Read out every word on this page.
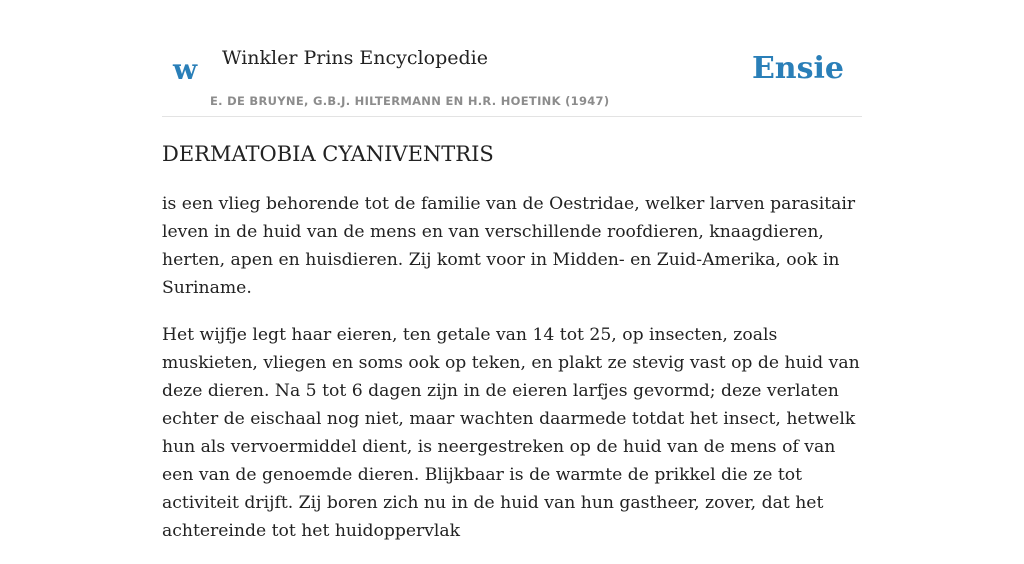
w Winkler Prins Encyclopedie
E. DE BRUYNE, G.B.J. HILTERMANN EN H.R. HOETINK (1947)
Ensie
DERMATOBIA CYANIVENTRIS

is een vlieg behorende tot de familie van de Oestridae, welker larven parasitair leven in de huid van de mens en van verschillende roofdieren, knaagdieren, herten, apen en huisdieren. Zij komt voor in Midden- en Zuid-Amerika, ook in Suriname.

Het wijfje legt haar eieren, ten getale van 14 tot 25, op insecten, zoals muskieten, vliegen en soms ook op teken, en plakt ze stevig vast op de huid van deze dieren. Na 5 tot 6 dagen zijn in de eieren larfjes gevormd; deze verlaten echter de eischaal nog niet, maar wachten daarmede totdat het insect, hetwelk hun als vervoermiddel dient, is neergestreken op de huid van de mens of van een van de genoemde dieren. Blijkbaar is de warmte de prikkel die ze tot activiteit drijft. Zij boren zich nu in de huid van hun gastheer, zover, dat het achtereinde tot het huidoppervlak
